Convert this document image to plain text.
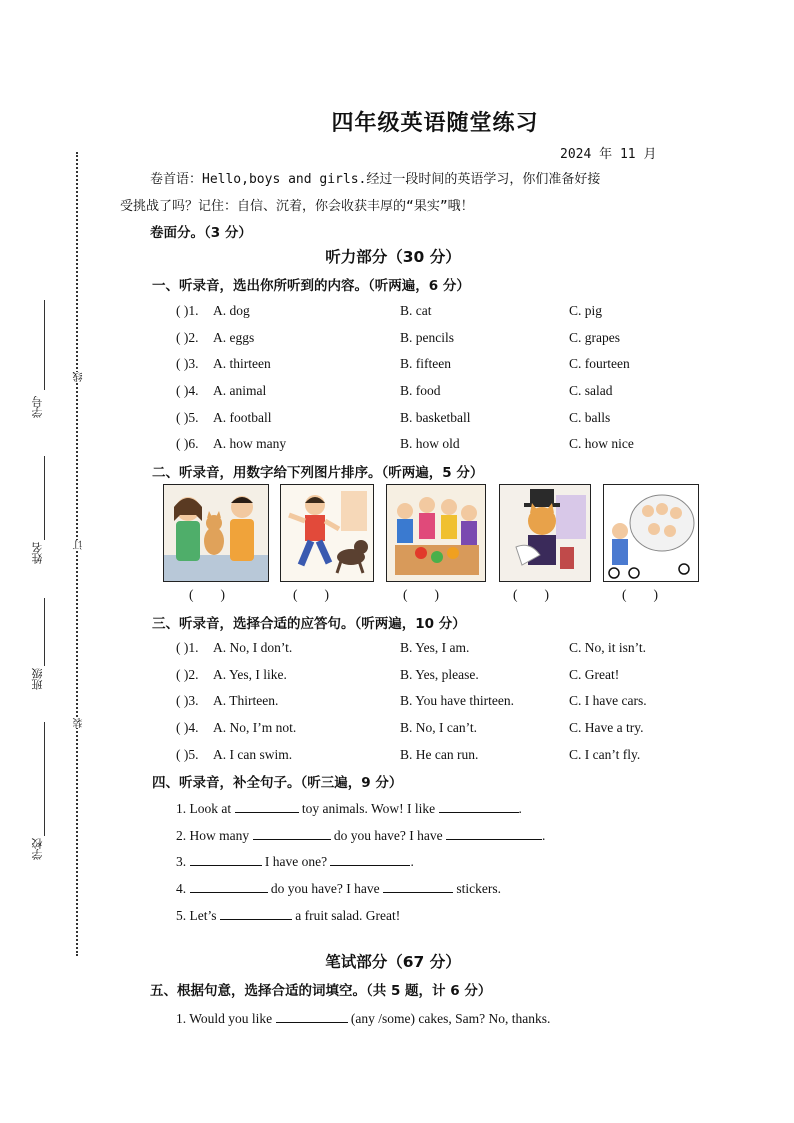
线
订
装
学号
姓名
班级
学校
四年级英语随堂练习
2024 年 11 月
卷首语：Hello,boys and girls.经过一段时间的英语学习，你们准备好接
受挑战了吗？记住：自信、沉着，你会收获丰厚的“果实”哦！
卷面分。（3 分）
听力部分（30 分）
一、听录音，选出你所听到的内容。（听两遍，6 分）
( )1. A. dog	B. cat	C. pig
( )2. A. eggs	B. pencils	C. grapes
( )3. A. thirteen	B. fifteen	C. fourteen
( )4. A. animal	B. food	C. salad
( )5. A. football	B. basketball	C. balls
( )6. A. how many	B. how old	C. how nice
二、听录音，用数字给下列图片排序。（听两遍，5 分）
(        )	(        )	(        )	(        )	(        )
三、听录音，选择合适的应答句。（听两遍，10 分）
( )1. A. No, I don’t.	B. Yes, I am.	C. No, it isn’t.
( )2. A. Yes, I like.	B. Yes, please.	C. Great!
( )3. A. Thirteen.	B. You have thirteen.	C. I have cars.
( )4. A. No, I’m not.	B. No, I can’t.	C. Have a try.
( )5. A. I can swim.	B. He can run.	C. I can’t fly.
四、听录音，补全句子。（听三遍，9 分）
1. Look at	toy animals. Wow! I like	.
2. How many	do you have? I have	.
3.	I have one?	.
4.	do you have? I have	stickers.
5. Let’s	a fruit salad. Great!
笔试部分（67 分）
五、根据句意，选择合适的词填空。（共 5 题，计 6 分）
1. Would you like	(any /some) cakes, Sam? No, thanks.
